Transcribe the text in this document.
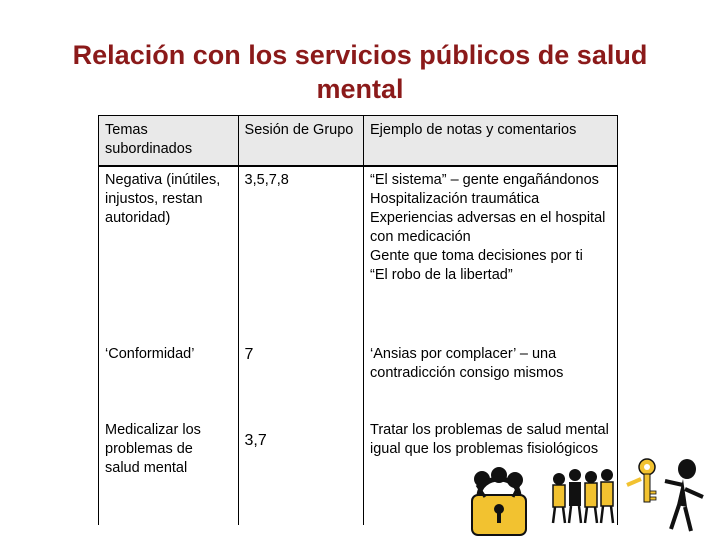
Relación con los servicios públicos de salud mental
Temas subordinados	Sesión de Grupo	Ejemplo de notas y comentarios
Negativa (inútiles, injustos, restan autoridad)	3,5,7,8	“El sistema” – gente engañándonos
Hospitalización traumática
Experiencias adversas en el hospital con medicación
Gente que toma decisiones por ti
“El robo de la libertad”

‘Conformidad’	7	‘Ansias por complacer’ – una contradicción consigo mismos

Medicalizar los problemas de salud mental	3,7	Tratar los problemas de salud mental igual que los problemas fisiológicos
